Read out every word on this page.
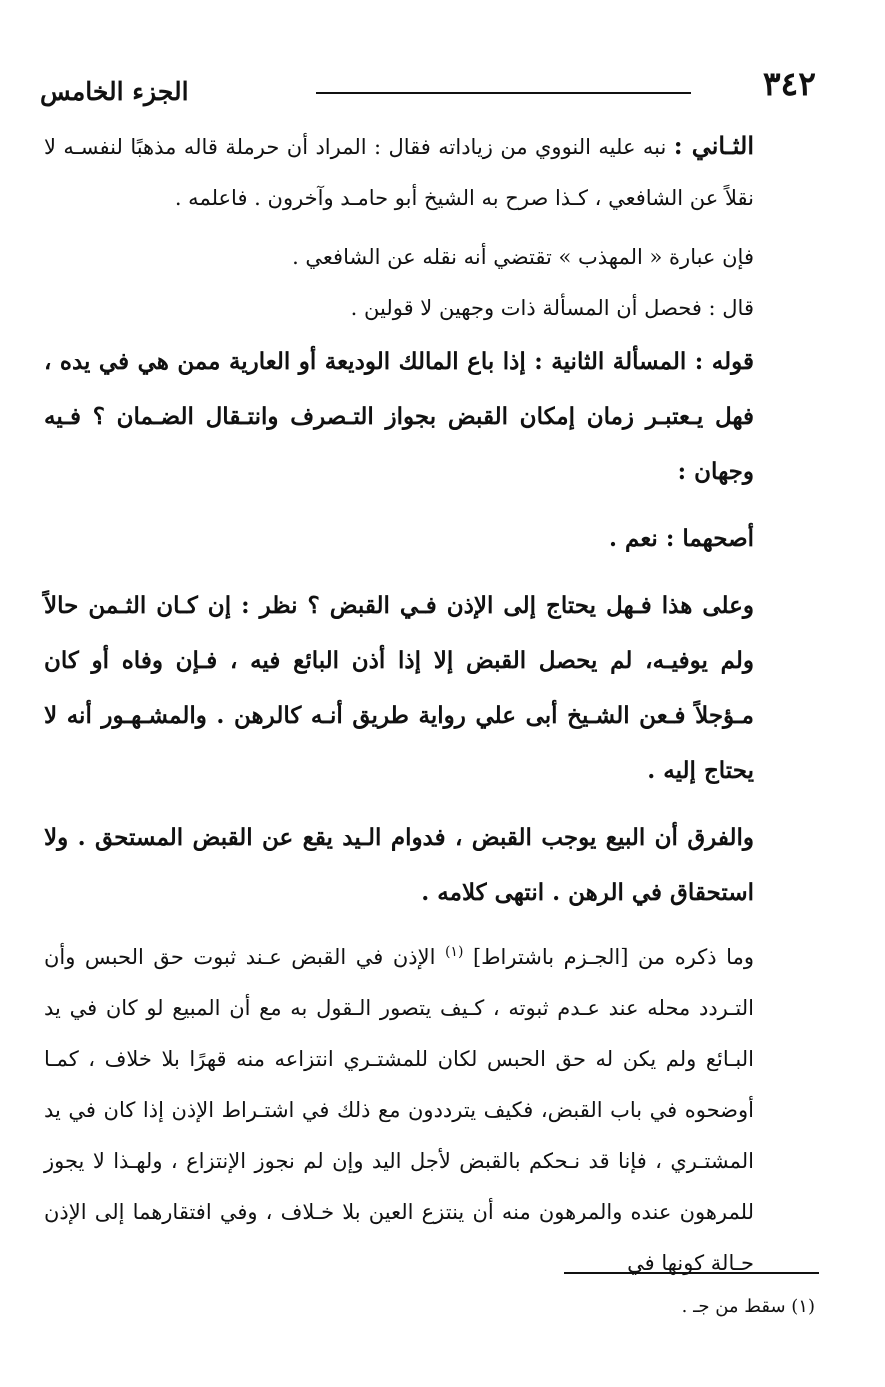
٣٤٢
الجزء الخامس

الثـاني : نبه عليه النووي من زياداته فقال : المراد أن حرملة قاله مذهبًا لنفسـه لا نقلاً عن الشافعي ، كـذا صرح به الشيخ أبو حامـد وآخرون . فاعلمه .

فإن عبارة « المهذب » تقتضي أنه نقله عن الشافعي .

قال : فحصل أن المسألة ذات وجهين لا قولين .

قوله : المسألة الثانية : إذا باع المالك الوديعة أو العارية ممن هي في يده ، فهل يـعتبـر زمان إمكان القبض بجواز التـصرف وانتـقال الضـمان ؟ فـيه وجهان :

أصحهما : نعم .

وعلى هذا فـهل يحتاج إلى الإذن فـي القبض ؟ نظر : إن كـان الثـمن حالاً ولم يوفيـه، لم يحصل القبض إلا إذا أذن البائع فيه ، فـإن وفاه أو كان مـؤجلاً فـعن الشـيخ أبى علي رواية طريق أنـه كالرهن . والمشـهـور أنه لا يحتاج إليه .

والفرق أن البيع يوجب القبض ، فدوام الـيد يقع عن القبض المستحق . ولا استحقاق في الرهن . انتهى كلامه .

وما ذكره من [الجـزم باشتراط] $^{(١)}$ الإذن في القبض عـند ثبوت حق الحبس وأن التـردد محله عند عـدم ثبوته ، كـيف يتصور الـقول به مع أن المبيع لو كان في يد البـائع ولم يكن له حق الحبس لكان للمشتـري انتزاعه منه قهرًا بلا خلاف ، كمـا أوضحوه في باب القبض، فكيف يترددون مع ذلك في اشتـراط الإذن إذا كان في يد المشتـري ، فإنا قد نـحكم بالقبض لأجل اليد وإن لم نجوز الإنتزاع ، ولهـذا لا يجوز للمرهون عنده والمرهون منه أن ينتزع العين بلا خـلاف ، وفي افتقارهما إلى الإذن حـالة كونها في

(١) سقط من جـ .
